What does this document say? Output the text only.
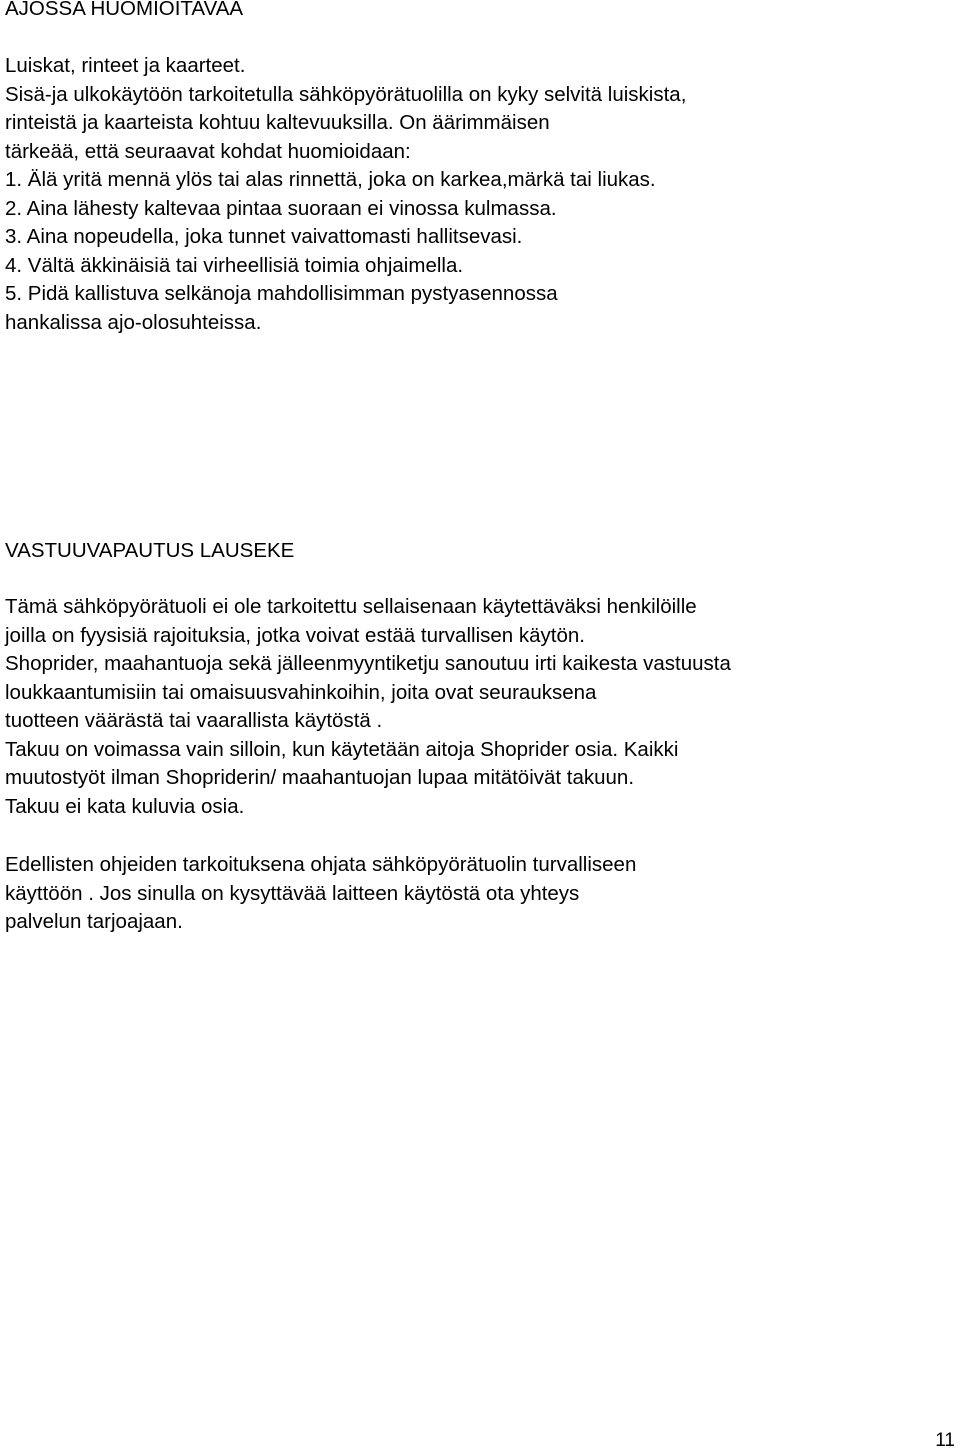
AJOSSA HUOMIOITAVAA
Luiskat, rinteet ja kaarteet.
Sisä-ja ulkokäytöön tarkoitetulla sähköpyörätuolilla on kyky selvitä luiskista,
rinteistä ja kaarteista kohtuu kaltevuuksilla. On äärimmäisen
tärkeää, että seuraavat kohdat huomioidaan:
1. Älä yritä mennä ylös tai alas rinnettä, joka on karkea,märkä tai liukas.
2. Aina lähesty kaltevaa pintaa suoraan ei vinossa kulmassa.
3. Aina nopeudella, joka tunnet vaivattomasti hallitsevasi.
4. Vältä äkkinäisiä tai virheellisiä toimia ohjaimella.
5. Pidä kallistuva selkänoja mahdollisimman pystyasennossa
hankalissa ajo-olosuhteissa.
VASTUUVAPAUTUS LAUSEKE
Tämä sähköpyörätuoli ei ole tarkoitettu sellaisenaan käytettäväksi henkilöille
joilla on fyysisiä rajoituksia, jotka voivat estää turvallisen käytön.
Shoprider, maahantuoja sekä jälleenmyyntiketju sanoutuu irti kaikesta vastuusta
loukkaantumisiin tai omaisuusvahinkoihin, joita ovat seurauksena
tuotteen väärästä tai vaarallista käytöstä .
Takuu on voimassa vain silloin, kun käytetään aitoja Shoprider osia. Kaikki
muutostyöt ilman Shopriderin/ maahantuojan lupaa mitätöivät takuun.
Takuu ei kata kuluvia osia.
Edellisten ohjeiden tarkoituksena ohjata sähköpyörätuolin turvalliseen
käyttöön . Jos sinulla on kysyttävää laitteen käytöstä ota yhteys
palvelun tarjoajaan.
11
